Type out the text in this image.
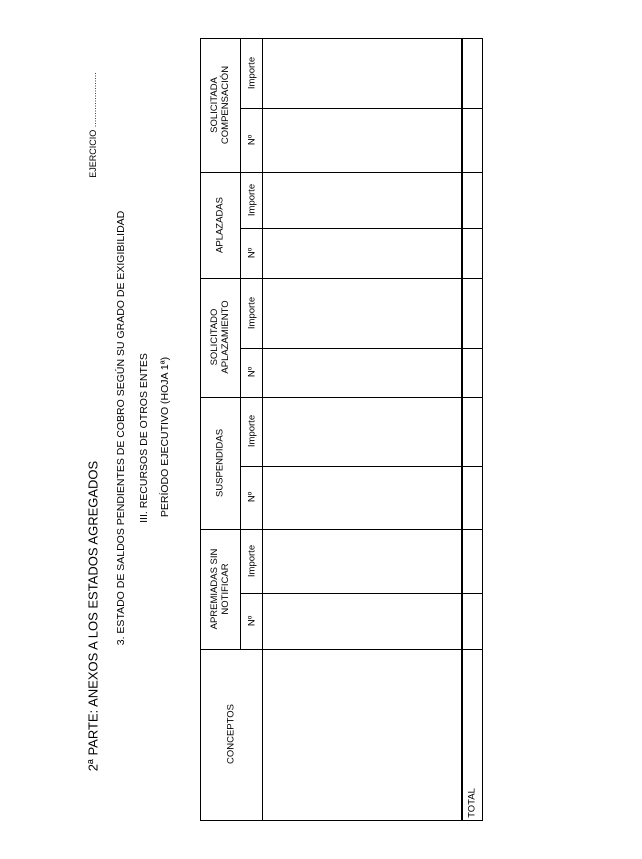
2ª PARTE: ANEXOS A LOS ESTADOS AGREGADOS 3. ESTADO DE SALDOS PENDIENTES DE COBRO SEGÚN SU GRADO DE EXIGIBILIDAD III. RECURSOS DE OTROS ENTES PERÍODO EJECUTIVO (HOJA 1ª)
EJERCICIO ......................
CONCEPTOS
APREMIADAS SIN NOTIFICAR
SUSPENDIDAS
SOLICITADO APLAZAMIENTO
APLAZADAS
SOLICITADA COMPENSACIÓN
Nº
Importe
Nº
Importe
Nº
Importe
Nº
Importe
Nº
Importe
TOTAL
